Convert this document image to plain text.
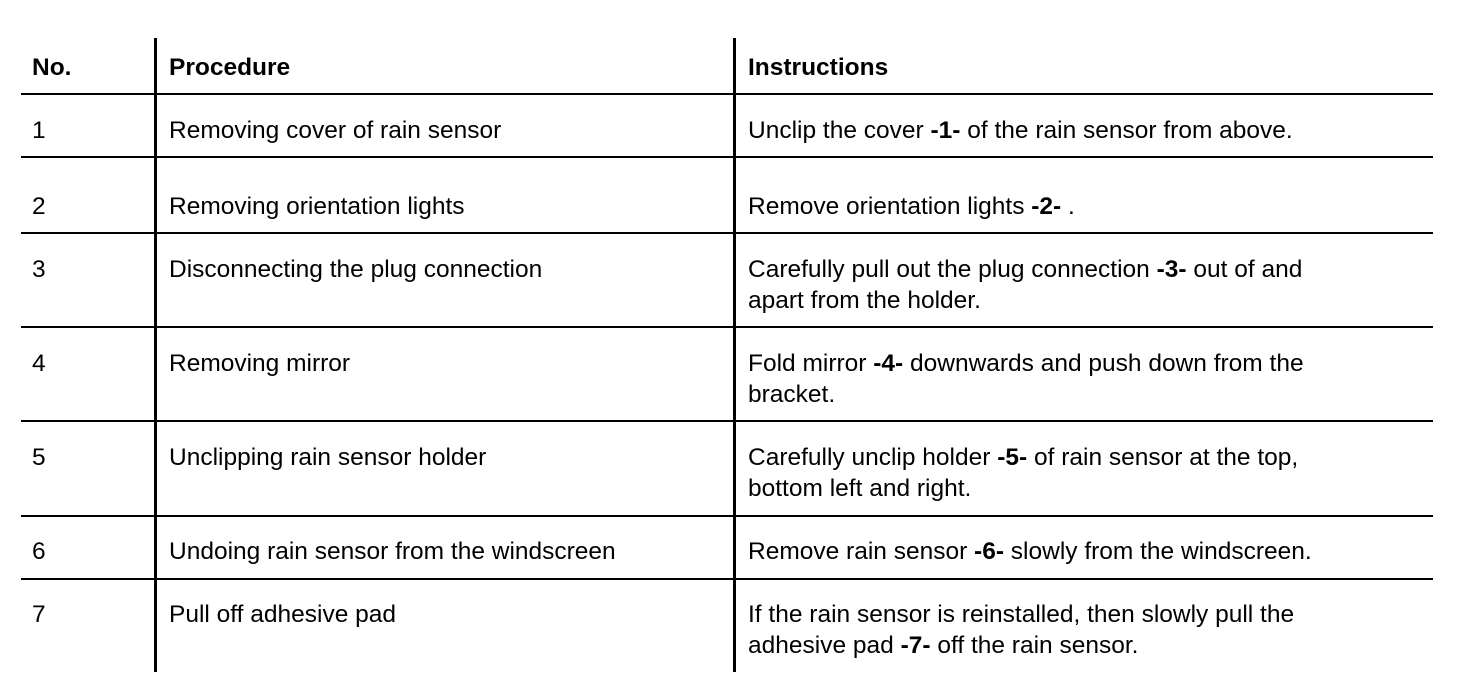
No.	Procedure	Instructions
1	Removing cover of rain sensor	Unclip the cover -1- of the rain sensor from above.
2	Removing orientation lights	Remove orientation lights -2- .
3	Disconnecting the plug connection	Carefully pull out the plug connection -3- out of and
apart from the holder.
4	Removing mirror	Fold mirror -4- downwards and push down from the
bracket.
5	Unclipping rain sensor holder	Carefully unclip holder -5- of rain sensor at the top,
bottom left and right.
6	Undoing rain sensor from the windscreen	Remove rain sensor -6- slowly from the windscreen.
7	Pull off adhesive pad	If the rain sensor is reinstalled, then slowly pull the
adhesive pad -7- off the rain sensor.
